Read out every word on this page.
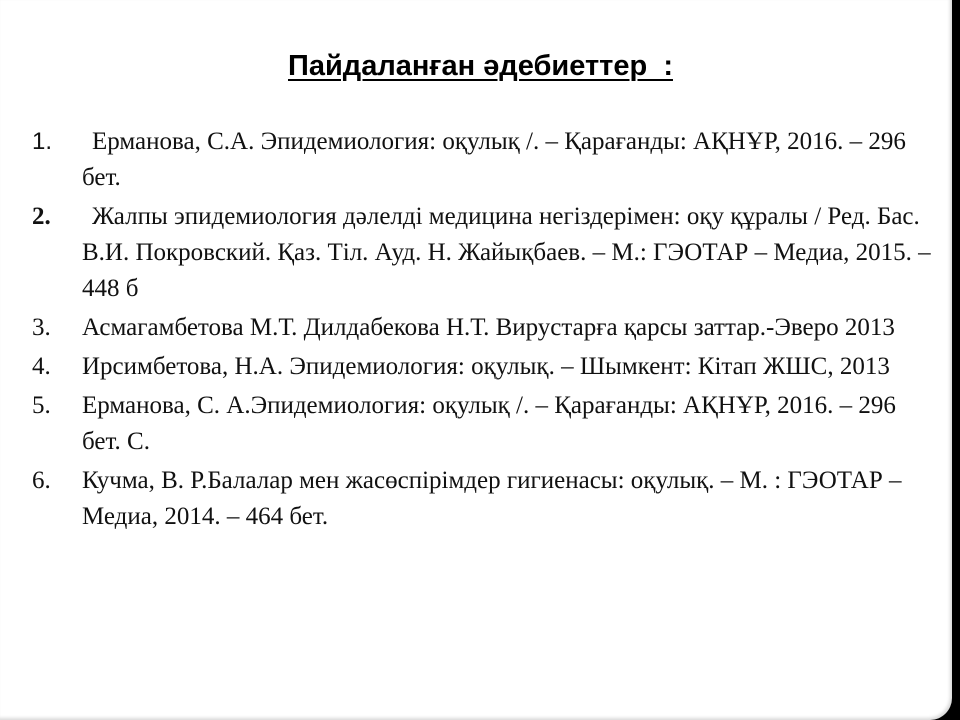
Пайдаланған әдебиеттер  :
1.	Ерманова, С.А. Эпидемиология: оқулық /. – Қарағанды: АҚНҰР, 2016. – 296 бет.
2.	Жалпы эпидемиология дәлелді медицина негіздерімен: оқу құралы / Ред. Бас. В.И. Покровский. Қаз. Тіл. Ауд. Н. Жайықбаев. – М.: ГЭОТАР – Медиа, 2015. – 448 б
3.	Асмагамбетова М.Т. Дилдабекова Н.Т. Вирустарға қарсы заттар.-Эверо 2013
4.	Ирсимбетова, Н.А. Эпидемиология: оқулық. – Шымкент: Кітап ЖШС, 2013
5.	Ерманова, С. А.Эпидемиология: оқулық /. – Қарағанды: АҚНҰР, 2016. – 296 бет. С.
6.	Кучма, В. Р.Балалар мен жасөспірімдер гигиенасы: оқулық. – М. : ГЭОТАР – Медиа, 2014. – 464 бет.
